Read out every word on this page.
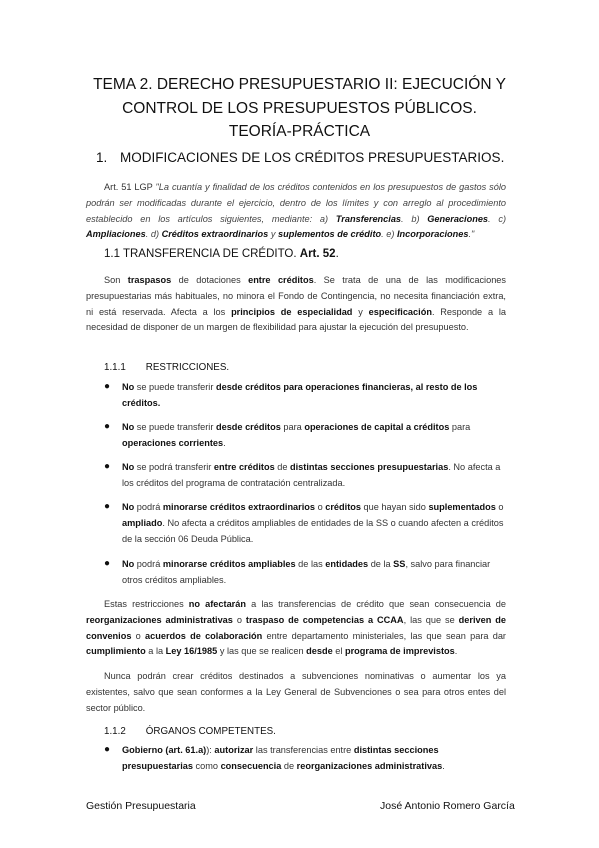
TEMA 2. DERECHO PRESUPUESTARIO II: EJECUCIÓN Y
CONTROL DE LOS PRESUPUESTOS PÚBLICOS.
TEORÍA-PRÁCTICA
1. MODIFICACIONES DE LOS CRÉDITOS PRESUPUESTARIOS.
Art. 51 LGP "La cuantía y finalidad de los créditos contenidos en los presupuestos de gastos sólo podrán ser modificadas durante el ejercicio, dentro de los límites y con arreglo al procedimiento establecido en los artículos siguientes, mediante: a) Transferencias. b) Generaciones. c) Ampliaciones. d) Créditos extraordinarios y suplementos de crédito. e) Incorporaciones."
1.1 TRANSFERENCIA DE CRÉDITO. Art. 52.
Son traspasos de dotaciones entre créditos. Se trata de una de las modificaciones presupuestarias más habituales, no minora el Fondo de Contingencia, no necesita financiación extra, ni está reservada. Afecta a los principios de especialidad y especificación. Responde a la necesidad de disponer de un margen de flexibilidad para ajustar la ejecución del presupuesto.
1.1.1 RESTRICCIONES.
● No se puede transferir desde créditos para operaciones financieras, al resto de los créditos.
● No se puede transferir desde créditos para operaciones de capital a créditos para operaciones corrientes.
● No se podrá transferir entre créditos de distintas secciones presupuestarias. No afecta a los créditos del programa de contratación centralizada.
● No podrá minorarse créditos extraordinarios o créditos que hayan sido suplementados o ampliado. No afecta a créditos ampliables de entidades de la SS o cuando afecten a créditos de la sección 06 Deuda Pública.
● No podrá minorarse créditos ampliables de las entidades de la SS, salvo para financiar otros créditos ampliables.
Estas restricciones no afectarán a las transferencias de crédito que sean consecuencia de reorganizaciones administrativas o traspaso de competencias a CCAA, las que se deriven de convenios o acuerdos de colaboración entre departamento ministeriales, las que sean para dar cumplimiento a la Ley 16/1985 y las que se realicen desde el programa de imprevistos.
Nunca podrán crear créditos destinados a subvenciones nominativas o aumentar los ya existentes, salvo que sean conformes a la Ley General de Subvenciones o sea para otros entes del sector público.
1.1.2 ÓRGANOS COMPETENTES.
● Gobierno (art. 61.a)): autorizar las transferencias entre distintas secciones presupuestarias como consecuencia de reorganizaciones administrativas.
Gestión Presupuestaria	José Antonio Romero García
